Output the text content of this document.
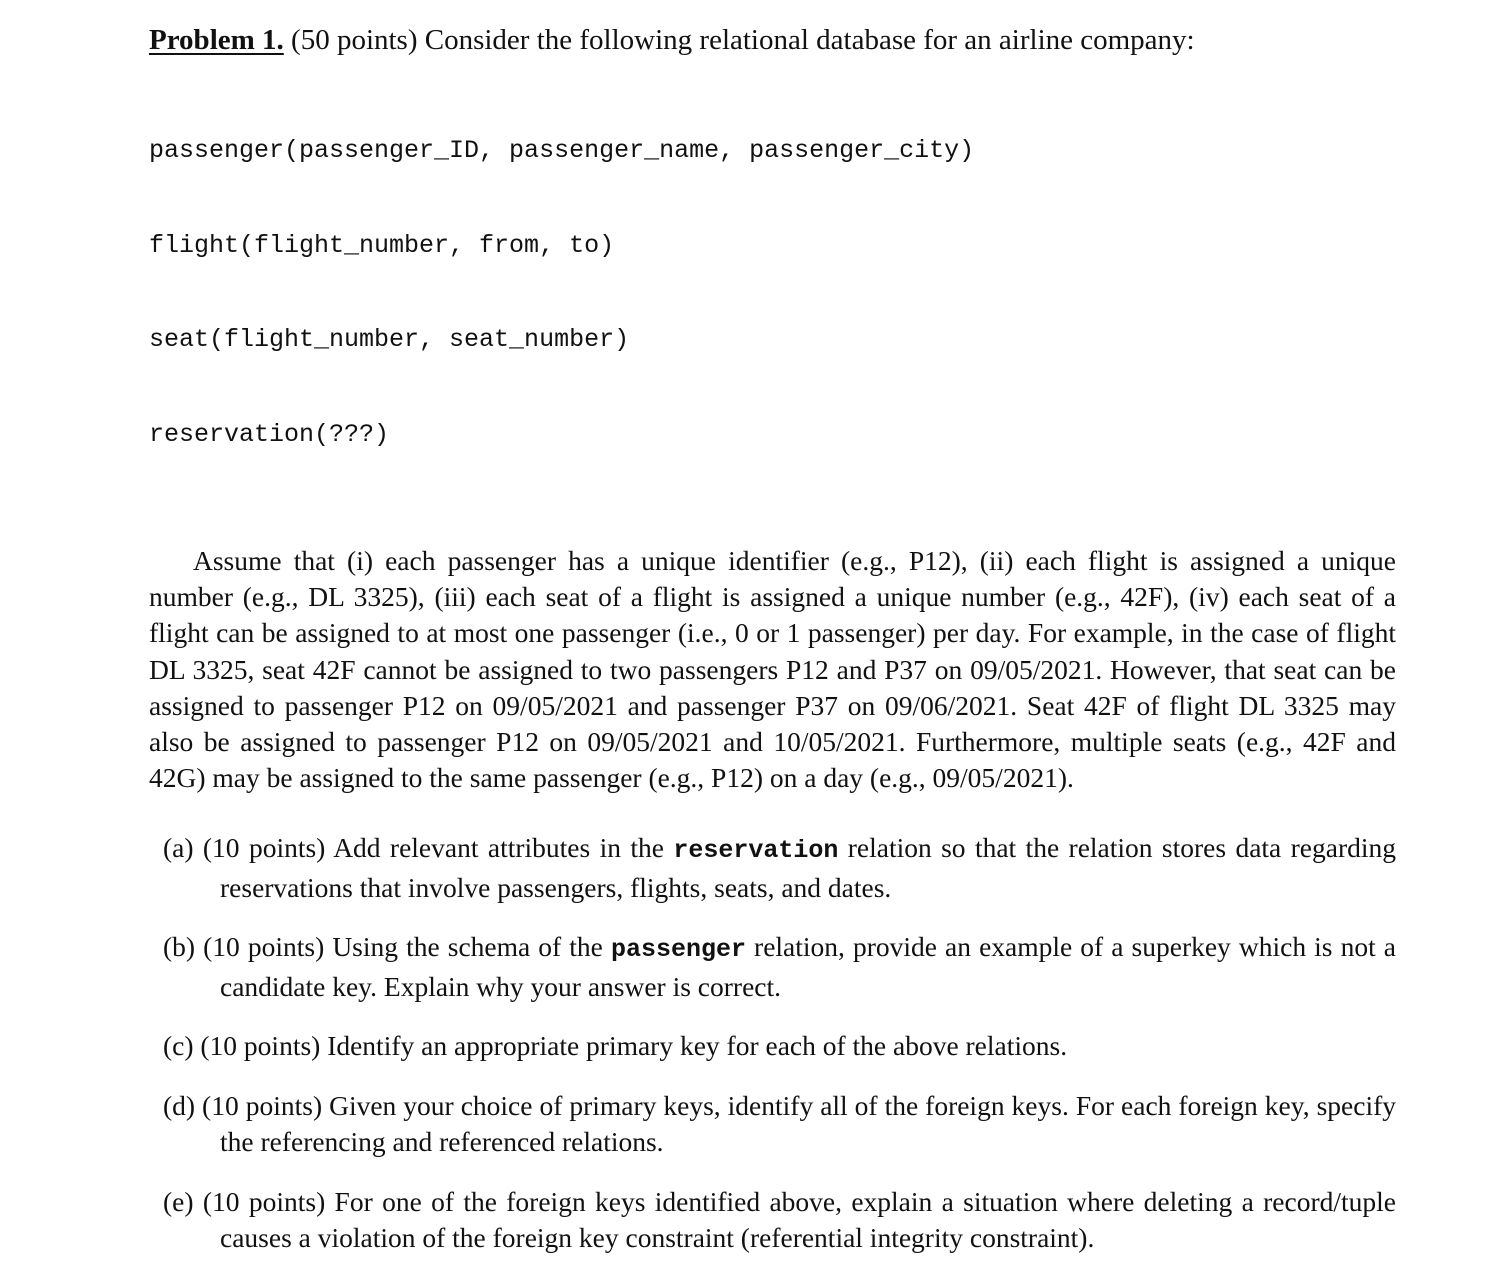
Problem 1. (50 points) Consider the following relational database for an airline company:

passenger(passenger_ID, passenger_name, passenger_city)

flight(flight_number, from, to)

seat(flight_number, seat_number)

reservation(???)

Assume that (i) each passenger has a unique identifier (e.g., P12), (ii) each flight is assigned a unique number (e.g., DL 3325), (iii) each seat of a flight is assigned a unique number (e.g., 42F), (iv) each seat of a flight can be assigned to at most one passenger (i.e., 0 or 1 passenger) per day. For example, in the case of flight DL 3325, seat 42F cannot be assigned to two passengers P12 and P37 on 09/05/2021. However, that seat can be assigned to passenger P12 on 09/05/2021 and passenger P37 on 09/06/2021. Seat 42F of flight DL 3325 may also be assigned to passenger P12 on 09/05/2021 and 10/05/2021. Furthermore, multiple seats (e.g., 42F and 42G) may be assigned to the same passenger (e.g., P12) on a day (e.g., 09/05/2021).
(a) (10 points) Add relevant attributes in the reservation relation so that the relation stores data regarding reservations that involve passengers, flights, seats, and dates.
(b) (10 points) Using the schema of the passenger relation, provide an example of a superkey which is not a candidate key. Explain why your answer is correct.
(c) (10 points) Identify an appropriate primary key for each of the above relations.
(d) (10 points) Given your choice of primary keys, identify all of the foreign keys. For each foreign key, specify the referencing and referenced relations.
(e) (10 points) For one of the foreign keys identified above, explain a situation where deleting a record/tuple causes a violation of the foreign key constraint (referential integrity constraint).
